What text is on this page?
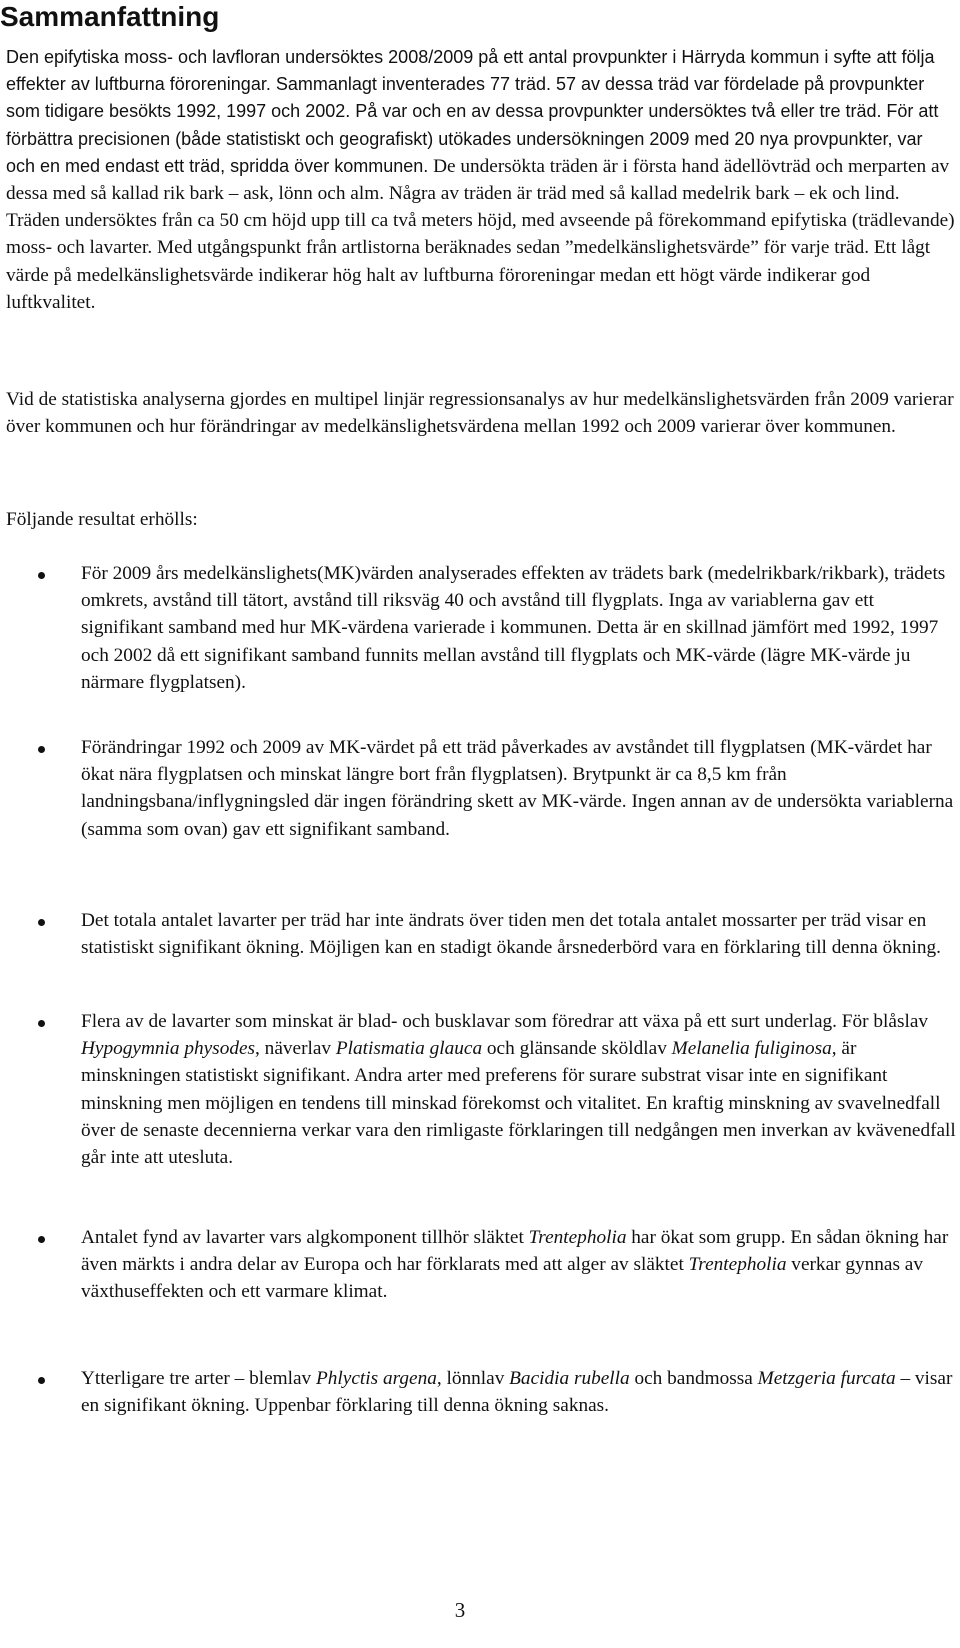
Sammanfattning

Den epifytiska moss- och lavfloran undersöktes 2008/2009 på ett antal provpunkter i Härryda kommun i syfte att följa effekter av luftburna föroreningar. Sammanlagt inventerades 77 träd. 57 av dessa träd var fördelade på provpunkter som tidigare besökts 1992, 1997 och 2002. På var och en av dessa provpunkter undersöktes två eller tre träd. För att förbättra precisionen (både statistiskt och geografiskt) utökades undersökningen 2009 med 20 nya provpunkter, var och en med endast ett träd, spridda över kommunen. De undersökta träden är i första hand ädellövträd och merparten av dessa med så kallad rik bark – ask, lönn och alm. Några av träden är träd med så kallad medelrik bark – ek och lind. Träden undersöktes från ca 50 cm höjd upp till ca två meters höjd, med avseende på förekommand epifytiska (trädlevande) moss- och lavarter. Med utgångspunkt från artlistorna beräknades sedan ”medelkänslighetsvärde” för varje träd. Ett lågt värde på medelkänslighetsvärde indikerar hög halt av luftburna föroreningar medan ett högt värde indikerar god luftkvalitet.

Vid de statistiska analyserna gjordes en multipel linjär regressionsanalys av hur medelkänslighetsvärden från 2009 varierar över kommunen och hur förändringar av medelkänslighetsvärdena mellan 1992 och 2009 varierar över kommunen.

Följande resultat erhölls:

För 2009 års medelkänslighets(MK)värden analyserades effekten av trädets bark (medelrikbark/rikbark), trädets omkrets, avstånd till tätort, avstånd till riksväg 40 och avstånd till flygplats. Inga av variablerna gav ett signifikant samband med hur MK-värdena varierade i kommunen. Detta är en skillnad jämfört med 1992, 1997 och 2002 då ett signifikant samband funnits mellan avstånd till flygplats och MK-värde (lägre MK-värde ju närmare flygplatsen).

Förändringar 1992 och 2009 av MK-värdet på ett träd påverkades av avståndet till flygplatsen (MK-värdet har ökat nära flygplatsen och minskat längre bort från flygplatsen). Brytpunkt är ca 8,5 km från landningsbana/inflygningsled där ingen förändring skett av MK-värde. Ingen annan av de undersökta variablerna (samma som ovan) gav ett signifikant samband.

Det totala antalet lavarter per träd har inte ändrats över tiden men det totala antalet mossarter per träd visar en statistiskt signifikant ökning. Möjligen kan en stadigt ökande årsnederbörd vara en förklaring till denna ökning.

Flera av de lavarter som minskat är blad- och busklavar som föredrar att växa på ett surt underlag. För blåslav Hypogymnia physodes, näverlav Platismatia glauca och glänsande sköldlav Melanelia fuliginosa, är minskningen statistiskt signifikant. Andra arter med preferens för surare substrat visar inte en signifikant minskning men möjligen en tendens till minskad förekomst och vitalitet. En kraftig minskning av svavelnedfall över de senaste decennierna verkar vara den rimligaste förklaringen till nedgången men inverkan av kvävenedfall går inte att utesluta.

Antalet fynd av lavarter vars algkomponent tillhör släktet Trentepholia har ökat som grupp. En sådan ökning har även märkts i andra delar av Europa och har förklarats med att alger av släktet Trentepholia verkar gynnas av växthuseffekten och ett varmare klimat.

Ytterligare tre arter – blemlav Phlyctis argena, lönnlav Bacidia rubella och bandmossa Metzgeria furcata – visar en signifikant ökning. Uppenbar förklaring till denna ökning saknas.

3
